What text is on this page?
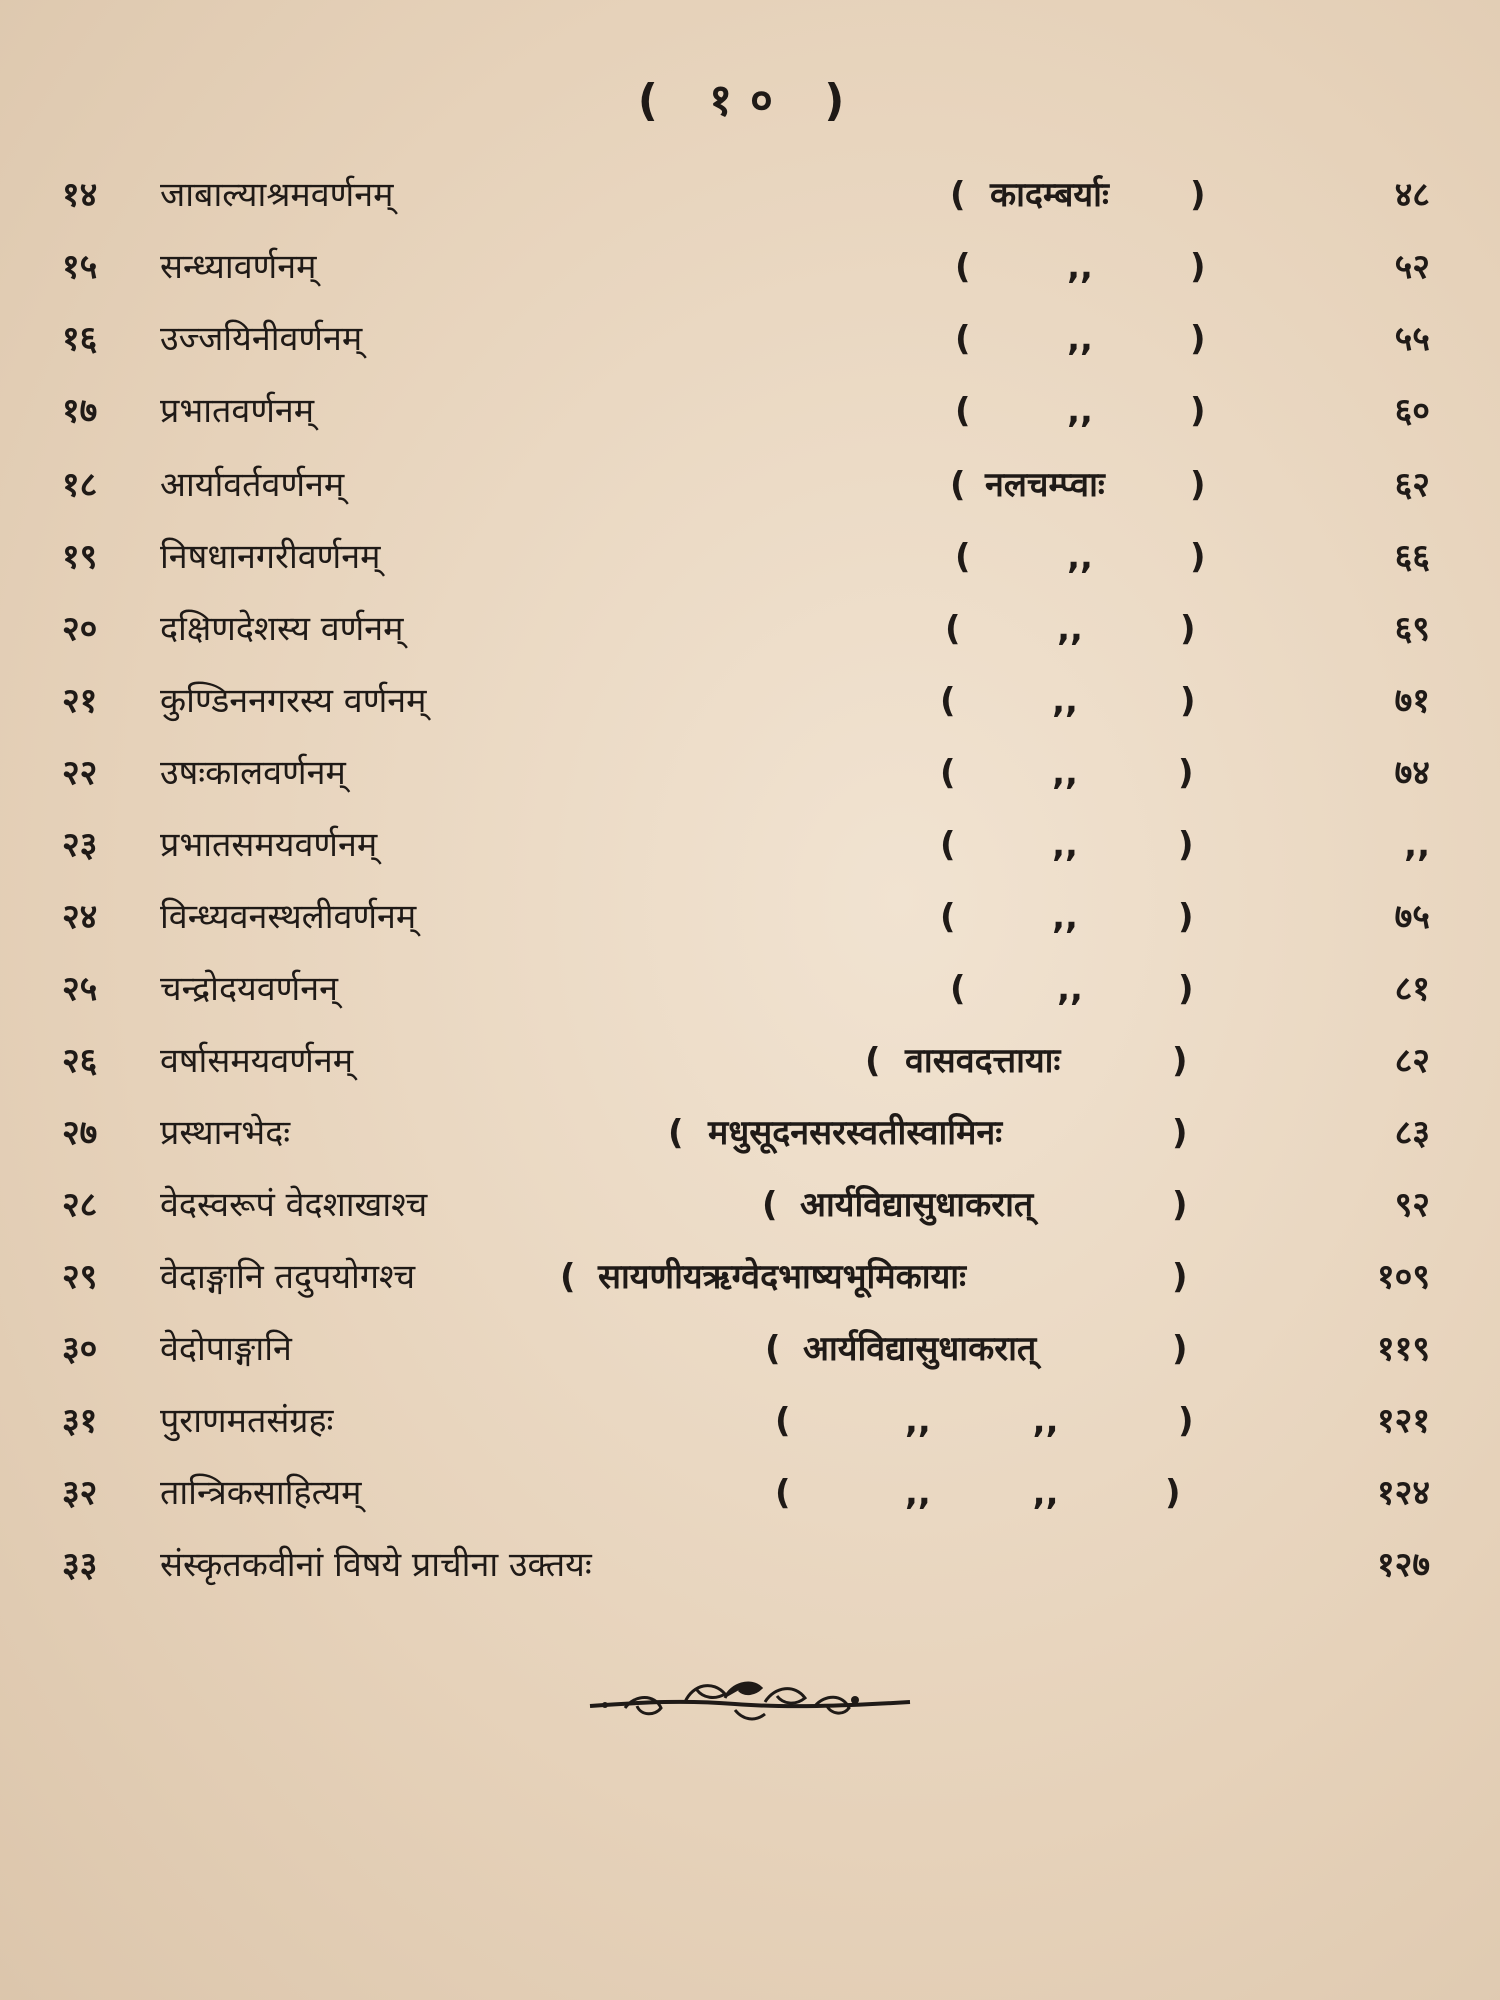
( १० )
१४	जाबाल्याश्रमवर्णनम्	( कादम्बर्याः )	४८
१५	सन्ध्यावर्णनम्	(	,,	)	५२
१६	उज्जयिनीवर्णनम्	(	,,	)	५५
१७	प्रभातवर्णनम्	(	,,	)	६०
१८	आर्यावर्तवर्णनम्	( नलचम्प्वाः	)	६२
१९	निषधानगरीवर्णनम्	(	,,	)	६६
२०	दक्षिणदेशस्य वर्णनम्	(	,,	)	६९
२१	कुण्डिननगरस्य वर्णनम्	(	,,	)	७१
२२	उषःकालवर्णनम्	(	,,	)	७४
२३	प्रभातसमयवर्णनम्	(	,,	)	,,
२४	विन्ध्यवनस्थलीवर्णनम्	(	,,	)	७५
२५	चन्द्रोदयवर्णनन्	(	,,	)	८१
२६	वर्षासमयवर्णनम्	( वासवदत्तायाः	)	८२
२७	प्रस्थानभेदः	( मधुसूदनसरस्वतीस्वामिनः	)	८३
२८	वेदस्वरूपं वेदशाखाश्च	( आर्यविद्यासुधाकरात्	)	९२
२९	वेदाङ्गानि तदुपयोगश्च	( सायणीयऋग्वेदभाष्यभूमिकायाः	)	१०९
३०	वेदोपाङ्गानि	( आर्यविद्यासुधाकरात्	)	११९
३१	पुराणमतसंग्रहः	(	,, ,,	)	१२१
३२	तान्त्रिकसाहित्यम्	(	,, ,,	)	१२४
३३	संस्कृतकवीनां विषये प्राचीना उक्तयः	१२७
